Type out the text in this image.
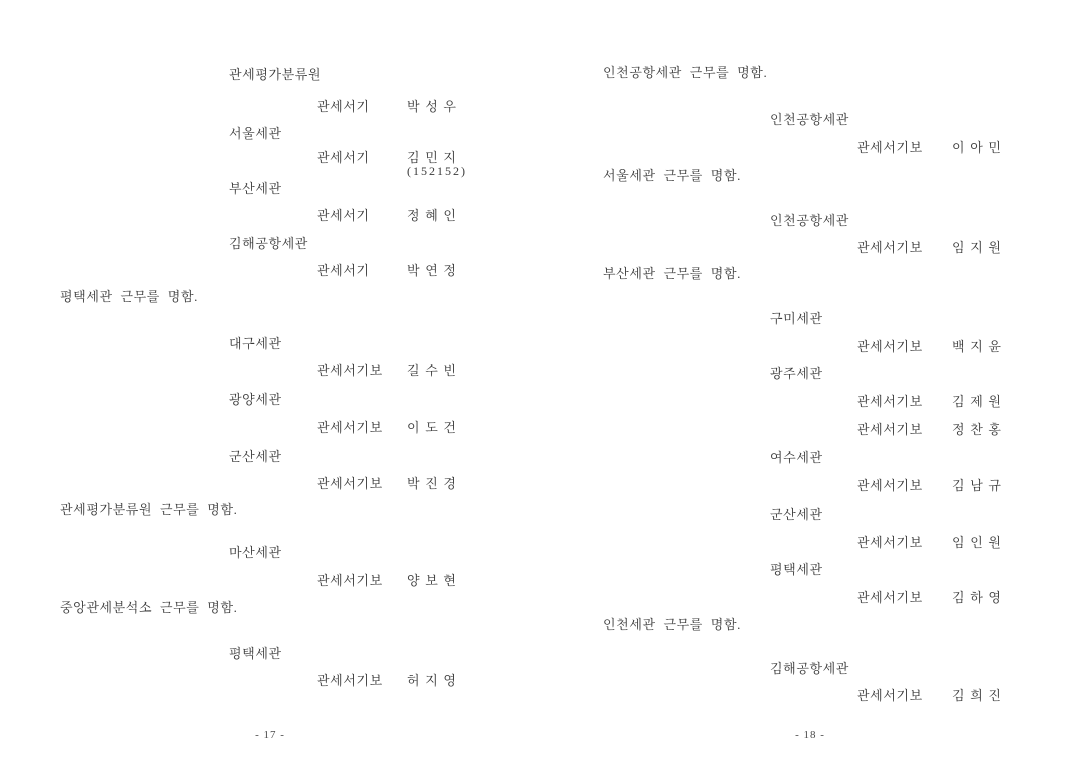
관세평가분류원
관세서기	박 성 우
서울세관
관세서기	김 민 지
(152152)
부산세관
관세서기	정 혜 인
김해공항세관
관세서기	박 연 정
평택세관 근무를 명함.
대구세관
관세서기보	길 수 빈
광양세관
관세서기보	이 도 건
군산세관
관세서기보	박 진 경
관세평가분류원 근무를 명함.
마산세관
관세서기보	양 보 현
중앙관세분석소 근무를 명함.
평택세관
관세서기보	허 지 영
- 17 -
인천공항세관 근무를 명함.
인천공항세관
관세서기보	이 아 민
서울세관 근무를 명함.
인천공항세관
관세서기보	임 지 원
부산세관 근무를 명함.
구미세관
관세서기보	백 지 윤
광주세관
관세서기보	김 제 원
관세서기보	정 찬 홍
여수세관
관세서기보	김 남 규
군산세관
관세서기보	임 인 원
평택세관
관세서기보	김 하 영
인천세관 근무를 명함.
김해공항세관
관세서기보	김 희 진
- 18 -
